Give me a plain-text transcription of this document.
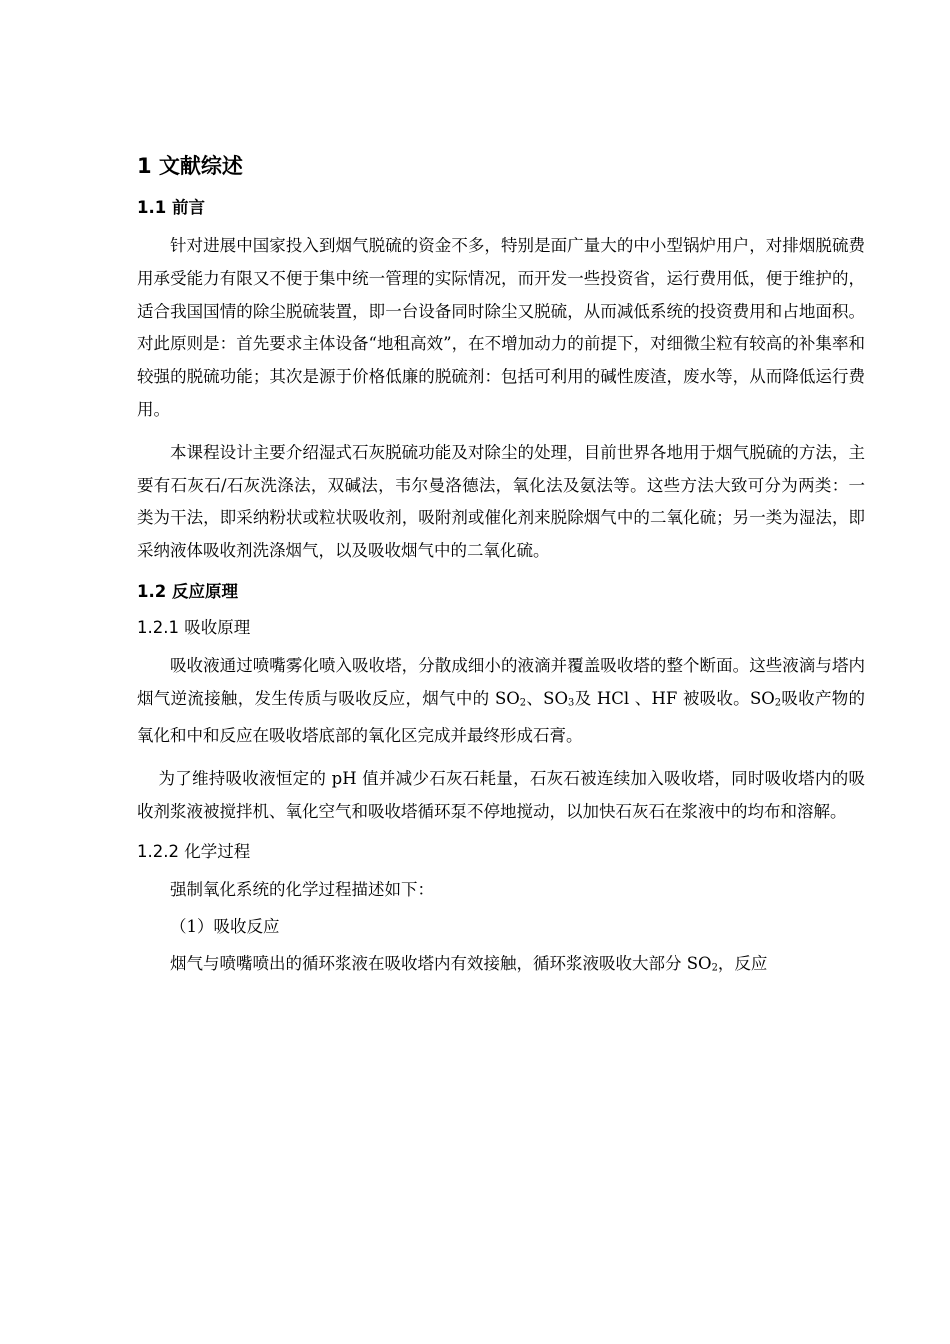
1 文献综述
1.1 前言

针对进展中国家投入到烟气脱硫的资金不多，特别是面广量大的中小型锅炉用户，对排烟脱硫费用承受能力有限又不便于集中统一管理的实际情况，而开发一些投资省，运行费用低，便于维护的，适合我国国情的除尘脱硫装置，即一台设备同时除尘又脱硫，从而减低系统的投资费用和占地面积。对此原则是：首先要求主体设备“地租高效”，在不增加动力的前提下，对细微尘粒有较高的补集率和较强的脱硫功能；其次是源于价格低廉的脱硫剂：包括可利用的碱性废渣，废水等，从而降低运行费用。

本课程设计主要介绍湿式石灰脱硫功能及对除尘的处理，目前世界各地用于烟气脱硫的方法，主要有石灰石/石灰洗涤法，双碱法，韦尔曼洛德法，氧化法及氨法等。这些方法大致可分为两类：一类为干法，即采纳粉状或粒状吸收剂，吸附剂或催化剂来脱除烟气中的二氧化硫；另一类为湿法，即采纳液体吸收剂洗涤烟气，以及吸收烟气中的二氧化硫。

1.2 反应原理
1.2.1 吸收原理

吸收液通过喷嘴雾化喷入吸收塔，分散成细小的液滴并覆盖吸收塔的整个断面。这些液滴与塔内烟气逆流接触，发生传质与吸收反应，烟气中的 $SO_2$、$SO_3$及 HCl 、HF 被吸收。$SO_2$吸收产物的氧化和中和反应在吸收塔底部的氧化区完成并最终形成石膏。

为了维持吸收液恒定的 pH 值并减少石灰石耗量，石灰石被连续加入吸收塔，同时吸收塔内的吸收剂浆液被搅拌机、氧化空气和吸收塔循环泵不停地搅动，以加快石灰石在浆液中的均布和溶解。

1.2.2 化学过程

强制氧化系统的化学过程描述如下：

（1）吸收反应

烟气与喷嘴喷出的循环浆液在吸收塔内有效接触，循环浆液吸收大部分 $SO_2$，反应
